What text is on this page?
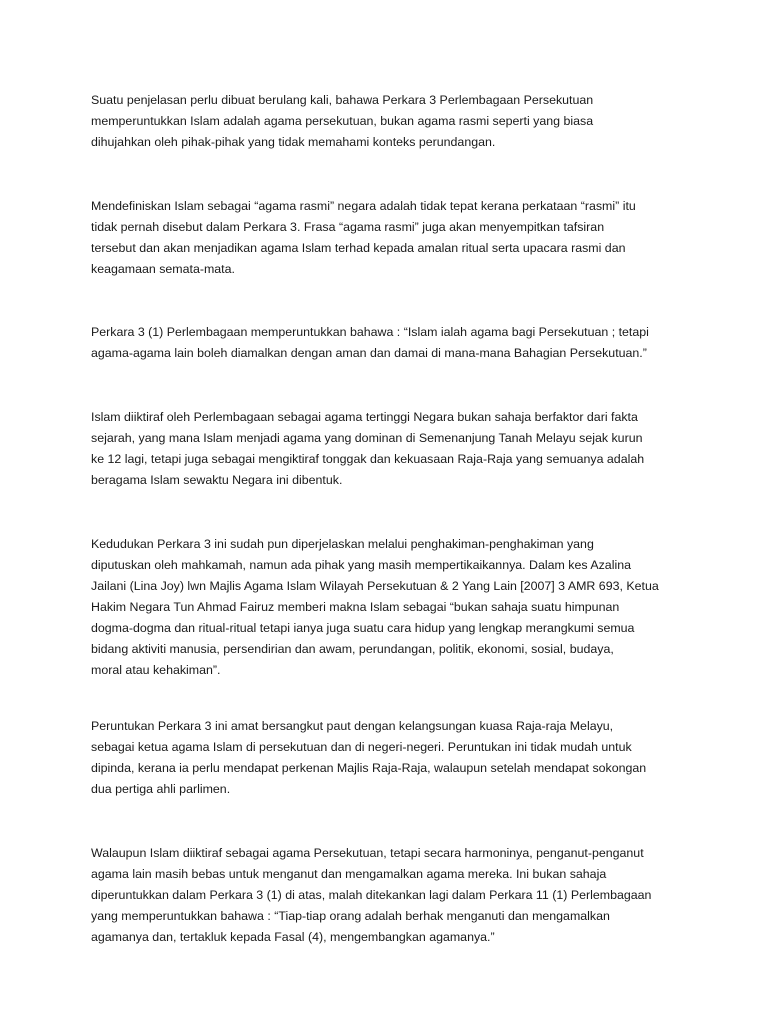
Suatu penjelasan perlu dibuat berulang kali, bahawa Perkara 3 Perlembagaan Persekutuan
memperuntukkan Islam adalah agama persekutuan, bukan agama rasmi seperti yang biasa
dihujahkan oleh pihak-pihak yang tidak memahami konteks perundangan.

Mendefiniskan Islam sebagai “agama rasmi” negara adalah tidak tepat kerana perkataan “rasmi” itu
tidak pernah disebut dalam Perkara 3. Frasa “agama rasmi” juga akan menyempitkan tafsiran
tersebut dan akan menjadikan agama Islam terhad kepada amalan ritual serta upacara rasmi dan
keagamaan semata-mata.

Perkara 3 (1) Perlembagaan memperuntukkan bahawa : “Islam ialah agama bagi Persekutuan ; tetapi
agama-agama lain boleh diamalkan dengan aman dan damai di mana-mana Bahagian Persekutuan.”

Islam diiktiraf oleh Perlembagaan sebagai agama tertinggi Negara bukan sahaja berfaktor dari fakta
sejarah, yang mana Islam menjadi agama yang dominan di Semenanjung Tanah Melayu sejak kurun
ke 12 lagi, tetapi juga sebagai mengiktiraf tonggak dan kekuasaan Raja-Raja yang semuanya adalah
beragama Islam sewaktu Negara ini dibentuk.

Kedudukan Perkara 3 ini sudah pun diperjelaskan melalui penghakiman-penghakiman yang
diputuskan oleh mahkamah, namun ada pihak yang masih mempertikaikannya. Dalam kes Azalina
Jailani (Lina Joy) lwn Majlis Agama Islam Wilayah Persekutuan & 2 Yang Lain [2007] 3 AMR 693, Ketua
Hakim Negara Tun Ahmad Fairuz memberi makna Islam sebagai “bukan sahaja suatu himpunan
dogma-dogma dan ritual-ritual tetapi ianya juga suatu cara hidup yang lengkap merangkumi semua
bidang aktiviti manusia, persendirian dan awam, perundangan, politik, ekonomi, sosial, budaya,
moral atau kehakiman”.

Peruntukan Perkara 3 ini amat bersangkut paut dengan kelangsungan kuasa Raja-raja Melayu,
sebagai ketua agama Islam di persekutuan dan di negeri-negeri. Peruntukan ini tidak mudah untuk
dipinda, kerana ia perlu mendapat perkenan Majlis Raja-Raja, walaupun setelah mendapat sokongan
dua pertiga ahli parlimen.

Walaupun Islam diiktiraf sebagai agama Persekutuan, tetapi secara harmoninya, penganut-penganut
agama lain masih bebas untuk menganut dan mengamalkan agama mereka. Ini bukan sahaja
diperuntukkan dalam Perkara 3 (1) di atas, malah ditekankan lagi dalam Perkara 11 (1) Perlembagaan
yang memperuntukkan bahawa : “Tiap-tiap orang adalah berhak menganuti dan mengamalkan
agamanya dan, tertakluk kepada Fasal (4), mengembangkan agamanya.”
